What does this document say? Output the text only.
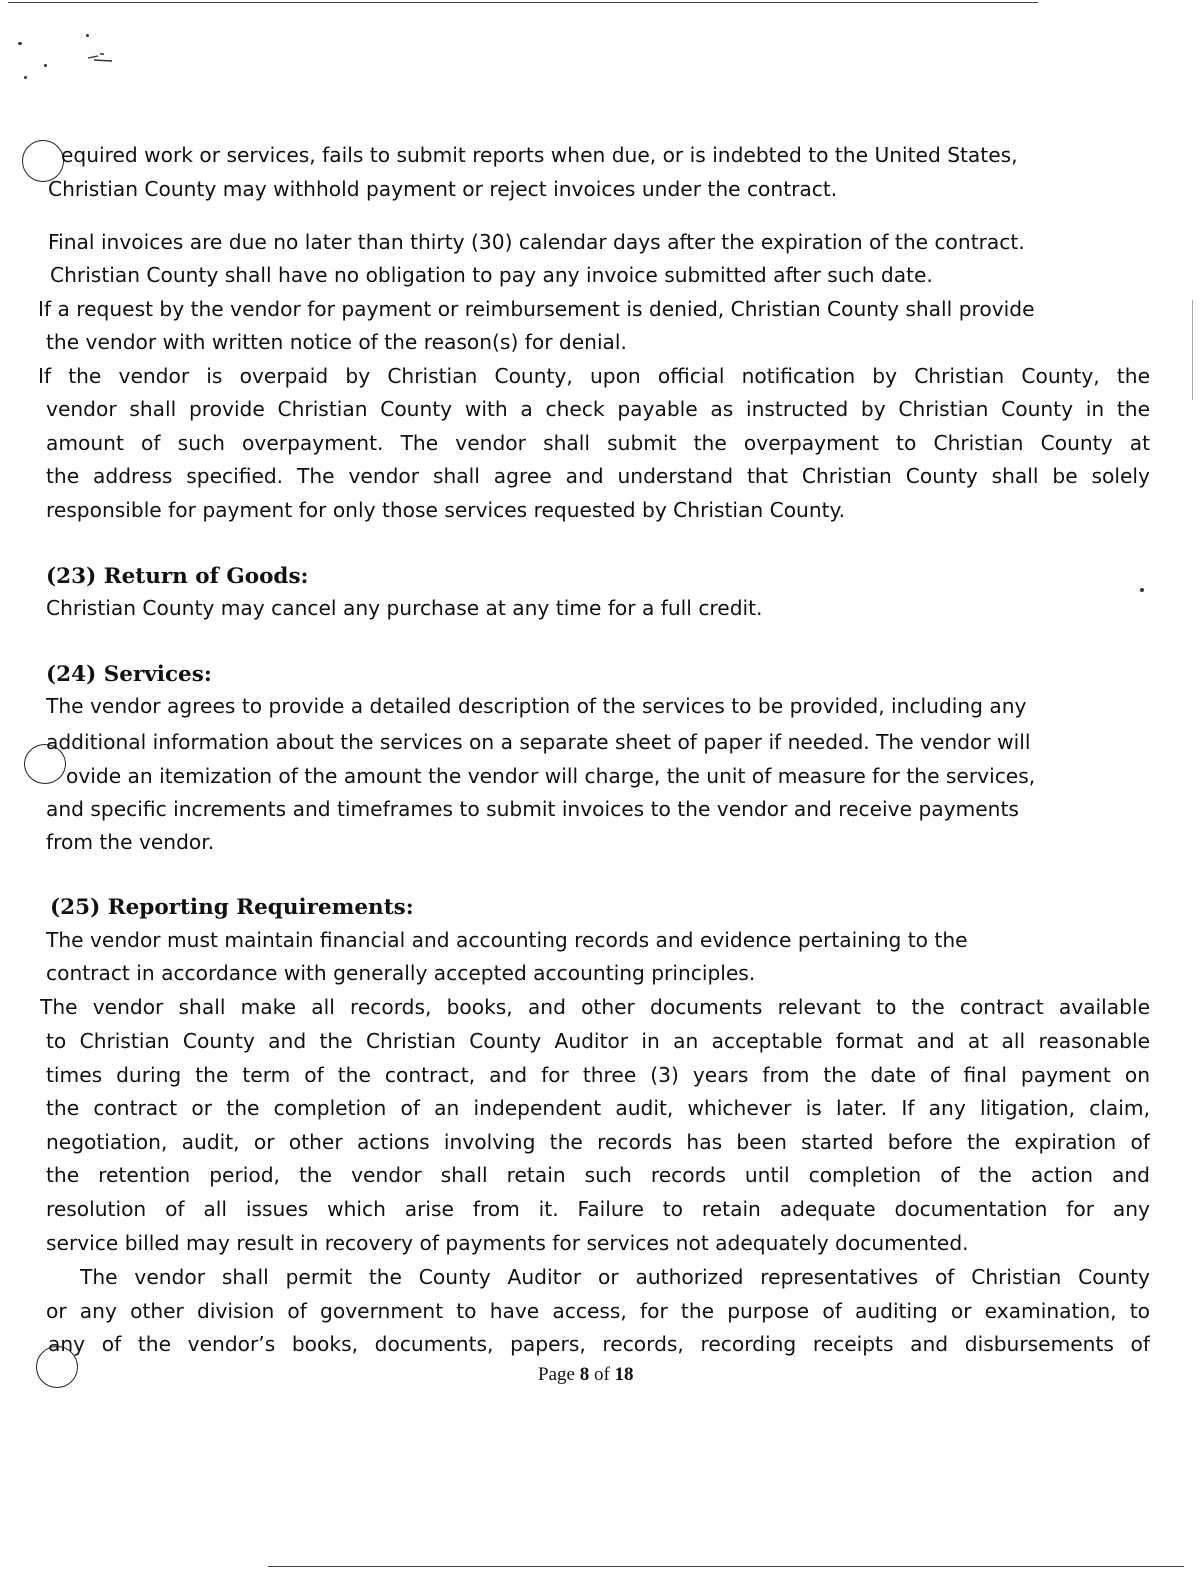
equired work or services, fails to submit reports when due, or is indebted to the United States,
Christian County may withhold payment or reject invoices under the contract.
Final invoices are due no later than thirty (30) calendar days after the expiration of the contract.
Christian County shall have no obligation to pay any invoice submitted after such date.
If a request by the vendor for payment or reimbursement is denied, Christian County shall provide
the vendor with written notice of the reason(s) for denial.
If the vendor is overpaid by Christian County, upon official notification by Christian County, the
vendor shall provide Christian County with a check payable as instructed by Christian County in the
amount of such overpayment. The vendor shall submit the overpayment to Christian County at
the address specified. The vendor shall agree and understand that Christian County shall be solely
responsible for payment for only those services requested by Christian County.
(23) Return of Goods:
Christian County may cancel any purchase at any time for a full credit.
(24) Services:
The vendor agrees to provide a detailed description of the services to be provided, including any
additional information about the services on a separate sheet of paper if needed. The vendor will
ovide an itemization of the amount the vendor will charge, the unit of measure for the services,
and specific increments and timeframes to submit invoices to the vendor and receive payments
from the vendor.
(25) Reporting Requirements:
The vendor must maintain financial and accounting records and evidence pertaining to the
contract in accordance with generally accepted accounting principles.
The vendor shall make all records, books, and other documents relevant to the contract available
to Christian County and the Christian County Auditor in an acceptable format and at all reasonable
times during the term of the contract, and for three (3) years from the date of final payment on
the contract or the completion of an independent audit, whichever is later. If any litigation, claim,
negotiation, audit, or other actions involving the records has been started before the expiration of
the retention period, the vendor shall retain such records until completion of the action and
resolution of all issues which arise from it. Failure to retain adequate documentation for any
service billed may result in recovery of payments for services not adequately documented.
The vendor shall permit the County Auditor or authorized representatives of Christian County
or any other division of government to have access, for the purpose of auditing or examination, to
any of the vendor’s books, documents, papers, records, recording receipts and disbursements of
Page 8 of 18
